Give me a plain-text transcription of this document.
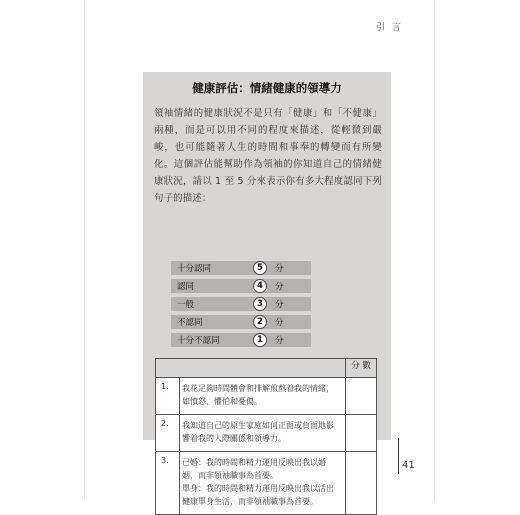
引 言
健康評估：情緒健康的領導力
領袖情緒的健康狀況不是只有「健康」和「不健康」兩種，而是可以用不同的程度來描述，從輕微到嚴峻，也可能隨著人生的時間和事奉的轉變而有所變化。這個評估能幫助作為領袖的你知道自己的情緒健康狀況，請以 1 至 5 分來表示你有多大程度認同下列句子的描述：
十分認同	5	分
認同	4	分
一般	3	分
不認同	2	分
十分不認同	1	分
		分 數
1.	我花足夠時間體會和排解煎熬着我的情緒，如憤怒、懼怕和憂傷。	
2.	我知道自己的原生家庭如何正面或負面地影響着我的人際關係和領導力。	
3.	已婚：我的時間和精力運用反映出我以婚姻，而非領袖職事為首要。
單身：我的時間和精力運用反映出我以活出健康單身生活，而非領袖職事為首要。	

41
